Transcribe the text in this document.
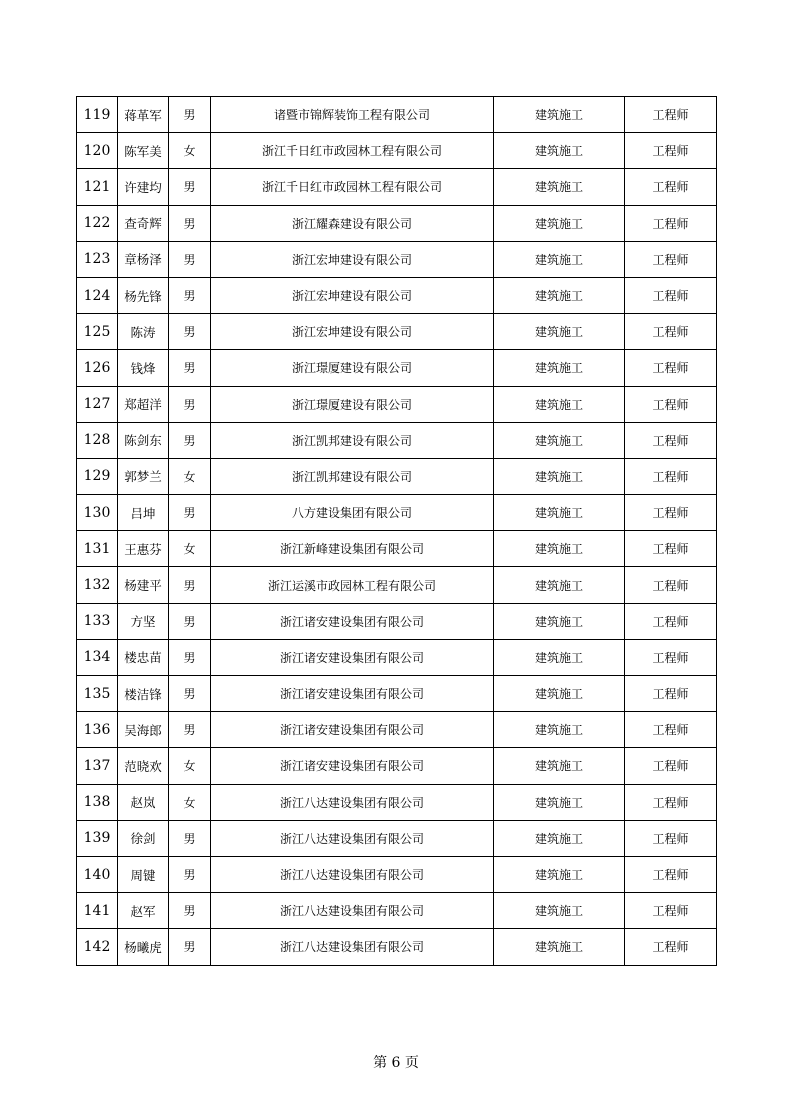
119	蒋革军	男	诸暨市锦辉装饰工程有限公司	建筑施工	工程师
120	陈军美	女	浙江千日红市政园林工程有限公司	建筑施工	工程师
121	许建均	男	浙江千日红市政园林工程有限公司	建筑施工	工程师
122	查奇辉	男	浙江耀森建设有限公司	建筑施工	工程师
123	章杨泽	男	浙江宏坤建设有限公司	建筑施工	工程师
124	杨先锋	男	浙江宏坤建设有限公司	建筑施工	工程师
125	陈涛	男	浙江宏坤建设有限公司	建筑施工	工程师
126	钱烽	男	浙江璟厦建设有限公司	建筑施工	工程师
127	郑超洋	男	浙江璟厦建设有限公司	建筑施工	工程师
128	陈剑东	男	浙江凯邦建设有限公司	建筑施工	工程师
129	郭梦兰	女	浙江凯邦建设有限公司	建筑施工	工程师
130	吕坤	男	八方建设集团有限公司	建筑施工	工程师
131	王惠芬	女	浙江新峰建设集团有限公司	建筑施工	工程师
132	杨建平	男	浙江运溪市政园林工程有限公司	建筑施工	工程师
133	方坚	男	浙江诸安建设集团有限公司	建筑施工	工程师
134	楼忠苗	男	浙江诸安建设集团有限公司	建筑施工	工程师
135	楼洁锋	男	浙江诸安建设集团有限公司	建筑施工	工程师
136	吴海郎	男	浙江诸安建设集团有限公司	建筑施工	工程师
137	范晓欢	女	浙江诸安建设集团有限公司	建筑施工	工程师
138	赵岚	女	浙江八达建设集团有限公司	建筑施工	工程师
139	徐剑	男	浙江八达建设集团有限公司	建筑施工	工程师
140	周键	男	浙江八达建设集团有限公司	建筑施工	工程师
141	赵军	男	浙江八达建设集团有限公司	建筑施工	工程师
142	杨曦虎	男	浙江八达建设集团有限公司	建筑施工	工程师
第 6 页
